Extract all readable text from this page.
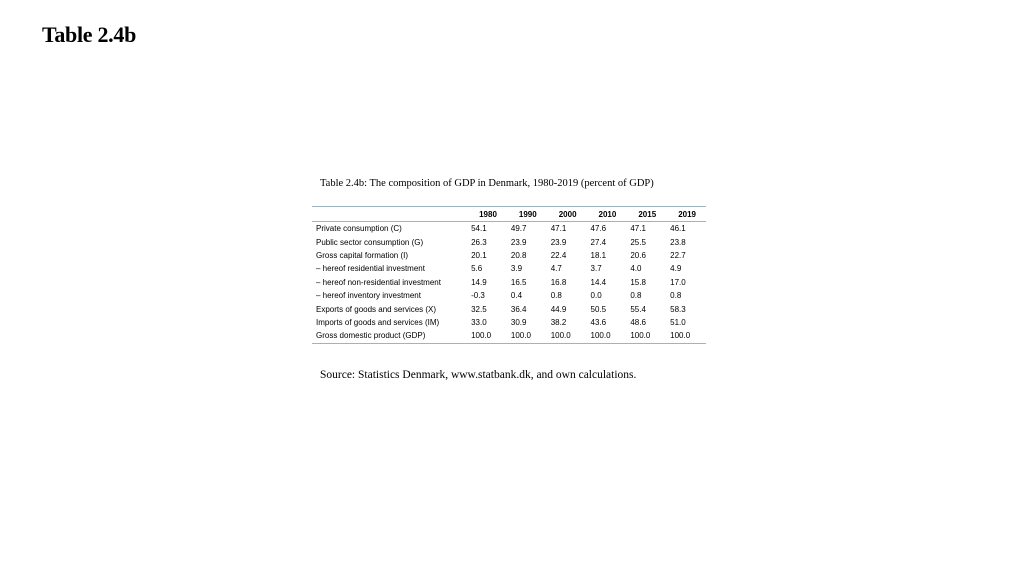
Table 2.4b
Table 2.4b: The composition of GDP in Denmark, 1980-2019 (percent of GDP)
	1980	1990	2000	2010	2015	2019
Private consumption (C)	54.1	49.7	47.1	47.6	47.1	46.1
Public sector consumption (G)	26.3	23.9	23.9	27.4	25.5	23.8
Gross capital formation (I)	20.1	20.8	22.4	18.1	20.6	22.7
– hereof residential investment	5.6	3.9	4.7	3.7	4.0	4.9
– hereof non-residential investment	14.9	16.5	16.8	14.4	15.8	17.0
– hereof inventory investment	-0.3	0.4	0.8	0.0	0.8	0.8
Exports of goods and services (X)	32.5	36.4	44.9	50.5	55.4	58.3
Imports of goods and services (IM)	33.0	30.9	38.2	43.6	48.6	51.0
Gross domestic product (GDP)	100.0	100.0	100.0	100.0	100.0	100.0
Source: Statistics Denmark, www.statbank.dk, and own calculations.
